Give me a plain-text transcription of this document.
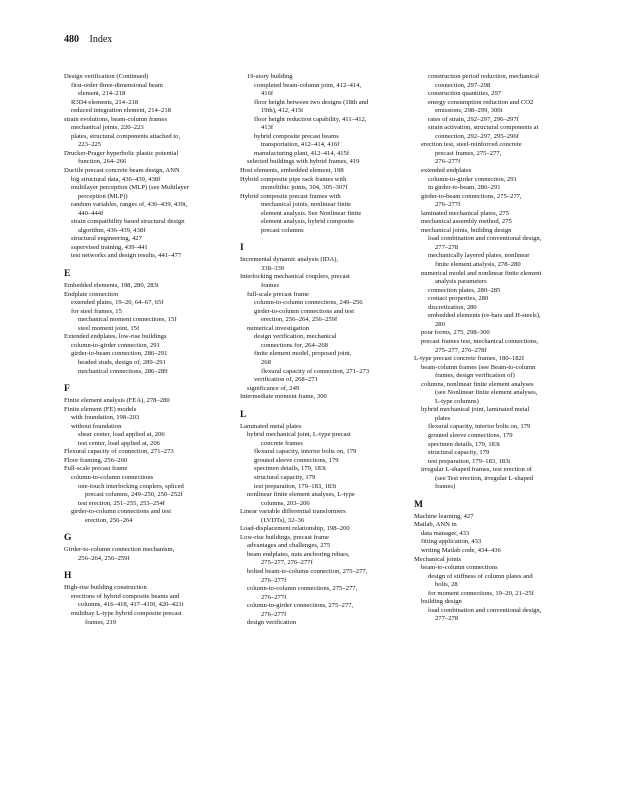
480 Index
Design verification (Continued)
first-order three-dimensional beam
element, 214–218
R3D4 elements, 214–218
reduced integration element, 214–218
strain evolutions, beam-column frames
mechanical joints, 220–223
plates, structural components attached to,
223–225
Drucker-Prager hyperbolic plastic potential
function, 264–266
Ductile precast concrete beam design, ANN
big structural data, 436–439, 438f
multilayer perception (MLP) (see Multilayer
perception (MLP))
random variables, ranges of, 436–439, 439t,
440–444f
strain compatibility based structural design
algorithm, 436–439, 438f
structural engineering, 427
supervised training, 439–441
test networks and design results, 441–477
E
Embedded elements, 198, 280, 283t
Endplate connection
extended plates, 19–20, 64–67, 65f
for steel frames, 15
mechanical moment connections, 15f
steel moment joint, 15f
Extended endplates, low-rise buildings
column-to-girder connection, 291
girder-to-beam connection, 286–291
headed studs, design of, 289–291
mechanical connections, 286–289
F
Finite element analysis (FEA), 278–280
Finite element (FE) models
with foundation, 198–203
without foundation
shear center, load applied at, 206
test center, load applied at, 206
Flexural capacity of connection, 271–273
Floor framing, 256–260
Full-scale precast frame
column-to-column connections
one-touch interlocking couplers, spliced
precast columns, 249–250, 250–252f
test erection, 251–255, 253–254f
girder-to-column connections and test
erection, 256–264
G
Girder-to-column connection mechanism,
256–264, 256–259f
H
High-rise building construction
erections of hybrid composite beams and
columns, 416–418, 417–419f, 420–421t
multibay L-type hybrid composite precast
frames, 219
19-story building
completed beam-column joint, 412–414,
416f
floor height between two designs (18th and
19th), 412, 415t
floor height reduction capability, 411–412,
413f
hybrid composite precast beams
transportation, 412–414, 416f
manufacturing plant, 412–414, 415f
selected buildings with hybrid frames, 419
Host elements, embedded element, 198
Hybrid composite pipe rack frames with
monolithic joints, 304, 305–307f
Hybrid composite precast frames with
mechanical joints, nonlinear finite
element analysis. See Nonlinear finite
element analysis, hybrid composite
precast columns
I
Incremental dynamic analysis (IDA),
338–339
Interlocking mechanical couplers, precast
frames
full-scale precast frame
column-to-column connections, 249–256
girder-to-column connections and test
erection, 256–264, 256–259f
numerical investigation
design verification, mechanical
connections for, 264–268
finite element model, proposed joint,
268
flexural capacity of connection, 271–273
verification of, 268–271
significance of, 249
Intermediate moment frame, 300
L
Laminated metal plates
hybrid mechanical joint, L-type precast
concrete frames
flexural capacity, interior bolts on, 179
grouted sleeve connections, 179
specimen details, 179, 183t
structural capacity, 179
test preparation, 179–183, 183t
nonlinear finite element analyses, L-type
columns, 203–206
Linear variable differential transformers
(LVDTs), 32–36
Load-displacement relationship, 198–200
Low-rise buildings, precast frame
advantages and challenges, 275
beam endplates, nuts anchoring rebars,
275–277, 276–277f
bolted beam-to-column connection, 275–277,
276–277f
column-to-column connections, 275–277,
276–277f
column-to-girder connections, 275–277,
276–277f
design verification
construction period reduction, mechanical
connection, 297–298
construction quantities, 297
energy consumption reduction and CO2
emissions, 298–299, 300t
rates of strain, 292–297, 296–297f
strain activation, structural components at
connection, 292–297, 295–296f
erection test, steel-reinforced concrete
precast frames, 275–277,
276–277f
extended endplates
column-to-girder connection, 291
in girder-to-beam, 286–291
girder-to-beam connections, 275–277,
276–277f
laminated mechanical plates, 275
mechanical assembly method, 275
mechanical joints, building design
load combination and conventional design,
277–278
mechanically layered plates, nonlinear
finite element analysis, 278–280
numerical model and nonlinear finite element
analysis parameters
connection plates, 280–285
contact properties, 280
discretization, 280
embedded elements (re-bars and H-steels),
280
pour forms, 275, 298–300
precast frames test, mechanical connections,
275–277, 276–278f
L-type precast concrete frames, 180–182f
beam-column frames (see Beam-to-column
frames, design verification of)
columns, nonlinear finite element analyses
(see Nonlinear finite element analyses,
L-type columns)
hybrid mechanical joint, laminated metal
plates
flexural capacity, interior bolts on, 179
grouted sleeve connections, 179
specimen details, 179, 183t
structural capacity, 179
test preparation, 179–183, 183t
irregular L-shaped frames, test erection of
(see Test erection, irregular L-shaped
frames)
M
Machine learning, 427
Matlab, ANN in
data manager, 433
fitting application, 433
writing Matlab code, 434–436
Mechanical joints
beam-to-column connections
design of stiffness of column plates and
bolts, 28
for moment connections, 19–20, 21–25f
building design
load combination and conventional design,
277–278
